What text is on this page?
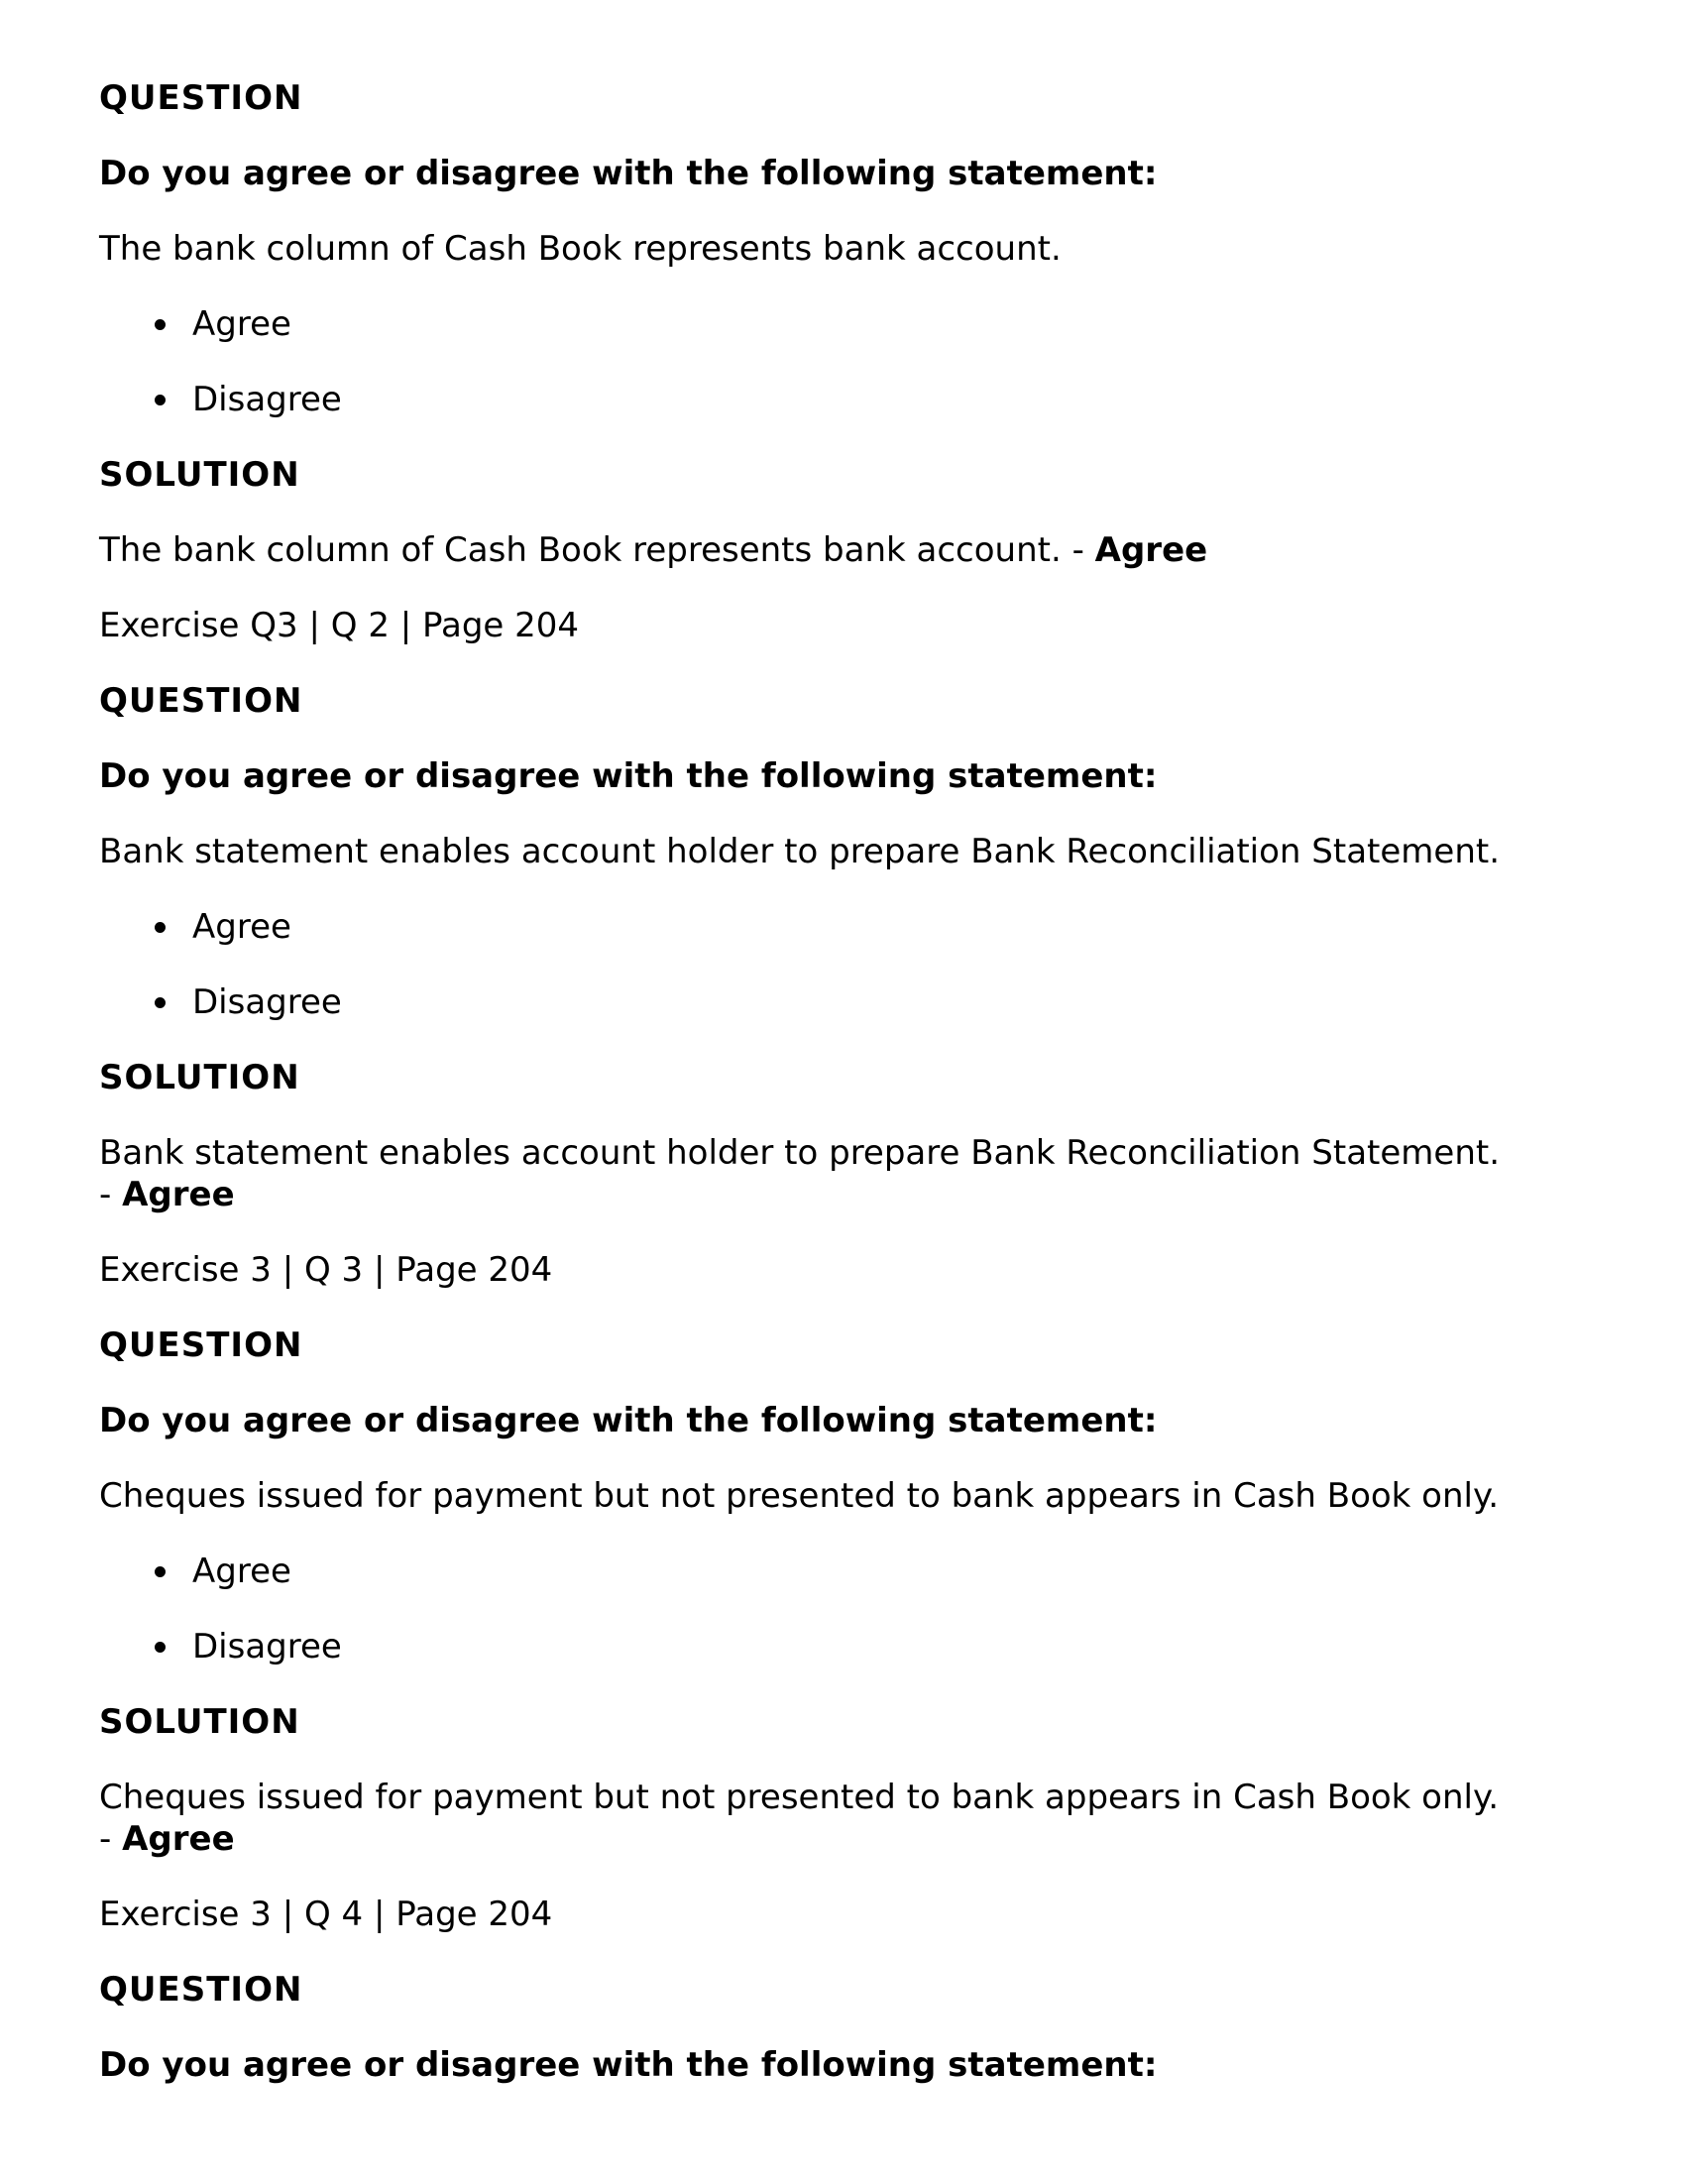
QUESTION
Do you agree or disagree with the following statement:
The bank column of Cash Book represents bank account.
Agree
Disagree
SOLUTION
The bank column of Cash Book represents bank account. - Agree
Exercise Q3 | Q 2 | Page 204
QUESTION
Do you agree or disagree with the following statement:
Bank statement enables account holder to prepare Bank Reconciliation Statement.
Agree
Disagree
SOLUTION
Bank statement enables account holder to prepare Bank Reconciliation Statement.
- Agree
Exercise 3 | Q 3 | Page 204
QUESTION
Do you agree or disagree with the following statement:
Cheques issued for payment but not presented to bank appears in Cash Book only.
Agree
Disagree
SOLUTION
Cheques issued for payment but not presented to bank appears in Cash Book only.
- Agree
Exercise 3 | Q 4 | Page 204
QUESTION
Do you agree or disagree with the following statement:
